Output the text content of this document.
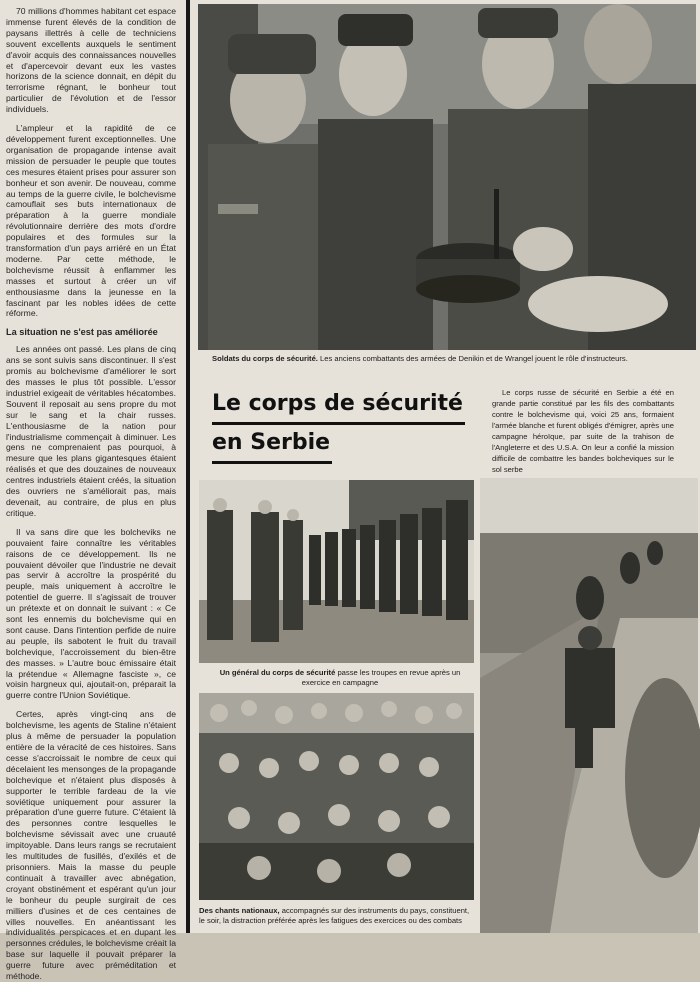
70 millions d'hommes habitant cet espace immense furent élevés de la condition de paysans illettrés à celle de techniciens souvent excellents auxquels le sentiment d'avoir acquis des connaissances nouvelles et d'apercevoir devant eux les vastes horizons de la science donnait, en dépit du terrorisme régnant, le bonheur tout particulier de l'évolution et de l'essor individuels.

L'ampleur et la rapidité de ce développement furent exceptionnelles. Une organisation de propagande intense avait mission de persuader le peuple que toutes ces mesures étaient prises pour assurer son bonheur et son avenir. De nouveau, comme au temps de la guerre civile, le bolchevisme camouflait ses buts internationaux de préparation à la guerre mondiale révolutionnaire derrière des mots d'ordre populaires et des formules sur la transformation d'un pays arriéré en un État moderne. Par cette méthode, le bolchevisme réussit à enflammer les masses et surtout à créer un vif enthousiasme dans la jeunesse en la fascinant par les nobles idées de cette réforme.

La situation ne s'est pas améliorée

Les années ont passé. Les plans de cinq ans se sont suivis sans discontinuer. Il s'est promis au bolchevisme d'améliorer le sort des masses le plus tôt possible. L'essor industriel exigeait de véritables hécatombes. Souvent il reposait au sens propre du mot sur le sang et la chair russes. L'enthousiasme de la nation pour l'industrialisme commençait à diminuer. Les gens ne comprenaient pas pourquoi, à mesure que les plans gigantesques étaient réalisés et que des douzaines de nouveaux centres industriels étaient créés, la situation des ouvriers ne s'améliorait pas, mais devenait, au contraire, de plus en plus critique.

Il va sans dire que les bolcheviks ne pouvaient faire connaître les véritables raisons de ce développement. Ils ne pouvaient dévoiler que l'industrie ne devait pas servir à accroître la prospérité du peuple, mais uniquement à accroître le potentiel de guerre. Il s'agissait de trouver un prétexte et on donnait le suivant : « Ce sont les ennemis du bolchevisme qui en sont cause. Dans l'intention perfide de nuire au peuple, ils sabotent le fruit du travail bolchevique, l'accroissement du bien-être des masses. » L'autre bouc émissaire était la prétendue « Allemagne fasciste », ce voisin hargneux qui, ajoutait-on, préparait la guerre contre l'Union Soviétique.

Certes, après vingt-cinq ans de bolchevisme, les agents de Staline n'étaient plus à même de persuader la population entière de la véracité de ces histoires. Sans cesse s'accroissait le nombre de ceux qui décelaient les mensonges de la propagande bolchevique et n'étaient plus disposés à supporter le terrible fardeau de la vie soviétique uniquement pour assurer la préparation d'une guerre future. C'étaient là des personnes contre lesquelles le bolchevisme sévissait avec une cruauté impitoyable. Dans leurs rangs se recrutaient les multitudes de fusillés, d'exilés et de prisonniers. Mais la masse du peuple continuait à travailler avec abnégation, croyant obstinément et espérant qu'un jour le bonheur du peuple surgirait de ces milliers d'usines et de ces centaines de villes nouvelles. En anéantissant les individualités perspicaces et en dupant les personnes crédules, le bolchevisme créait la base sur laquelle il pouvait préparer la guerre future avec préméditation et méthode.

Soldats du corps de sécurité. Les anciens combattants des armées de Denikin et de Wrangel jouent le rôle d'instructeurs.
Le corps de sécurité
en Serbie
Le corps russe de sécurité en Serbie a été en grande partie constitué par les fils des combattants contre le bolchevisme qui, voici 25 ans, formaient l'armée blanche et furent obligés d'émigrer, après une campagne héroïque, par suite de la trahison de l'Angleterre et des U.S.A. On leur a confié la mission difficile de combattre les bandes bolcheviques sur le sol serbe
Un général du corps de sécurité passe les troupes en revue après un exercice en campagne
Des chants nationaux, accompagnés sur des instruments du pays, constituent, le soir, la distraction préférée après les fatigues des exercices ou des combats
